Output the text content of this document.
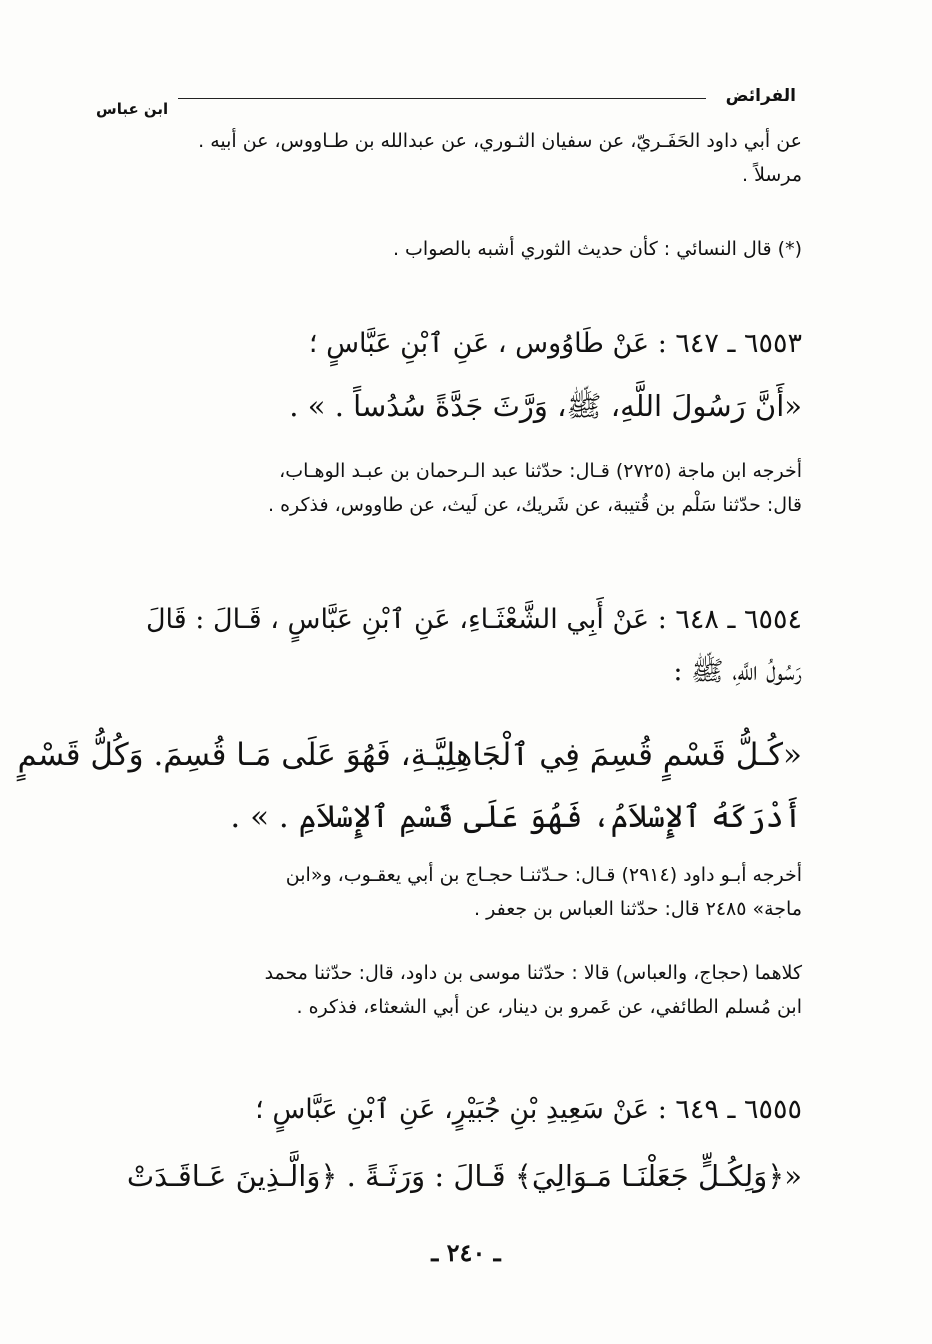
الفرائض
ابن عباس
عن أبي داود الحَفَـريّ، عن سفيان الثـوري، عن عبدالله بن طـاووس، عن أبيه .
مرسلاً .
(*) قال النسائي : كأن حديث الثوري أشبه بالصواب .
٦٥٥٣ ـ ٦٤٧ : عَنْ طَاوُوس ، عَنِ ٱبْنِ عَبَّاسٍ ؛
«أَنَّ رَسُولَ اللَّهِ، ﷺ، وَرَّثَ جَدَّةً سُدُساً . » .
أخرجه ابن ماجة (٢٧٢٥) قـال: حدّثنا عبد الـرحمان بن عبـد الوهـاب،
قال: حدّثنا سَلْم بن قُتيبة، عن شَريك، عن لَيث، عن طاووس، فذكره .
٦٥٥٤ ـ ٦٤٨ : عَنْ أَبِي الشَّعْثَـاءِ، عَنِ ٱبْنِ عَبَّاسٍ ، قَـالَ : قَالَ
رَسُولُ اللَّهِ، ﷺ :
«كُـلُّ قَسْمٍ قُسِمَ فِي ٱلْجَاهِلِيَّـةِ، فَهُوَ عَلَى مَـا قُسِمَ. وَكُلُّ قَسْمٍ
أَدْرَكَهُ ٱلإِسْلاَمُ، فَهُوَ عَلَى قَسْمِ ٱلإِسْلاَمِ . » .
أخرجه أبـو داود (٢٩١٤) قـال: حـدّثنـا حجـاج بن أبي يعقـوب، و«ابن
ماجة» ٢٤٨٥ قال: حدّثنا العباس بن جعفر .
كلاهما (حجاج، والعباس) قالا : حدّثنا موسى بن داود، قال: حدّثنا محمد
ابن مُسلم الطائفي، عن عَمرو بن دينار، عن أبي الشعثاء، فذكره .
٦٥٥٥ ـ ٦٤٩ : عَنْ سَعِيدِ بْنِ جُبَيْرٍ، عَنِ ٱبْنِ عَبَّاسٍ ؛
«﴿وَلِكُـلٍّ جَعَلْنَـا مَـوَالِيَ﴾ قَـالَ : وَرَثَـةً . ﴿وَالَّـذِينَ عَـاقَـدَتْ
ـ ٢٤٠ ـ
